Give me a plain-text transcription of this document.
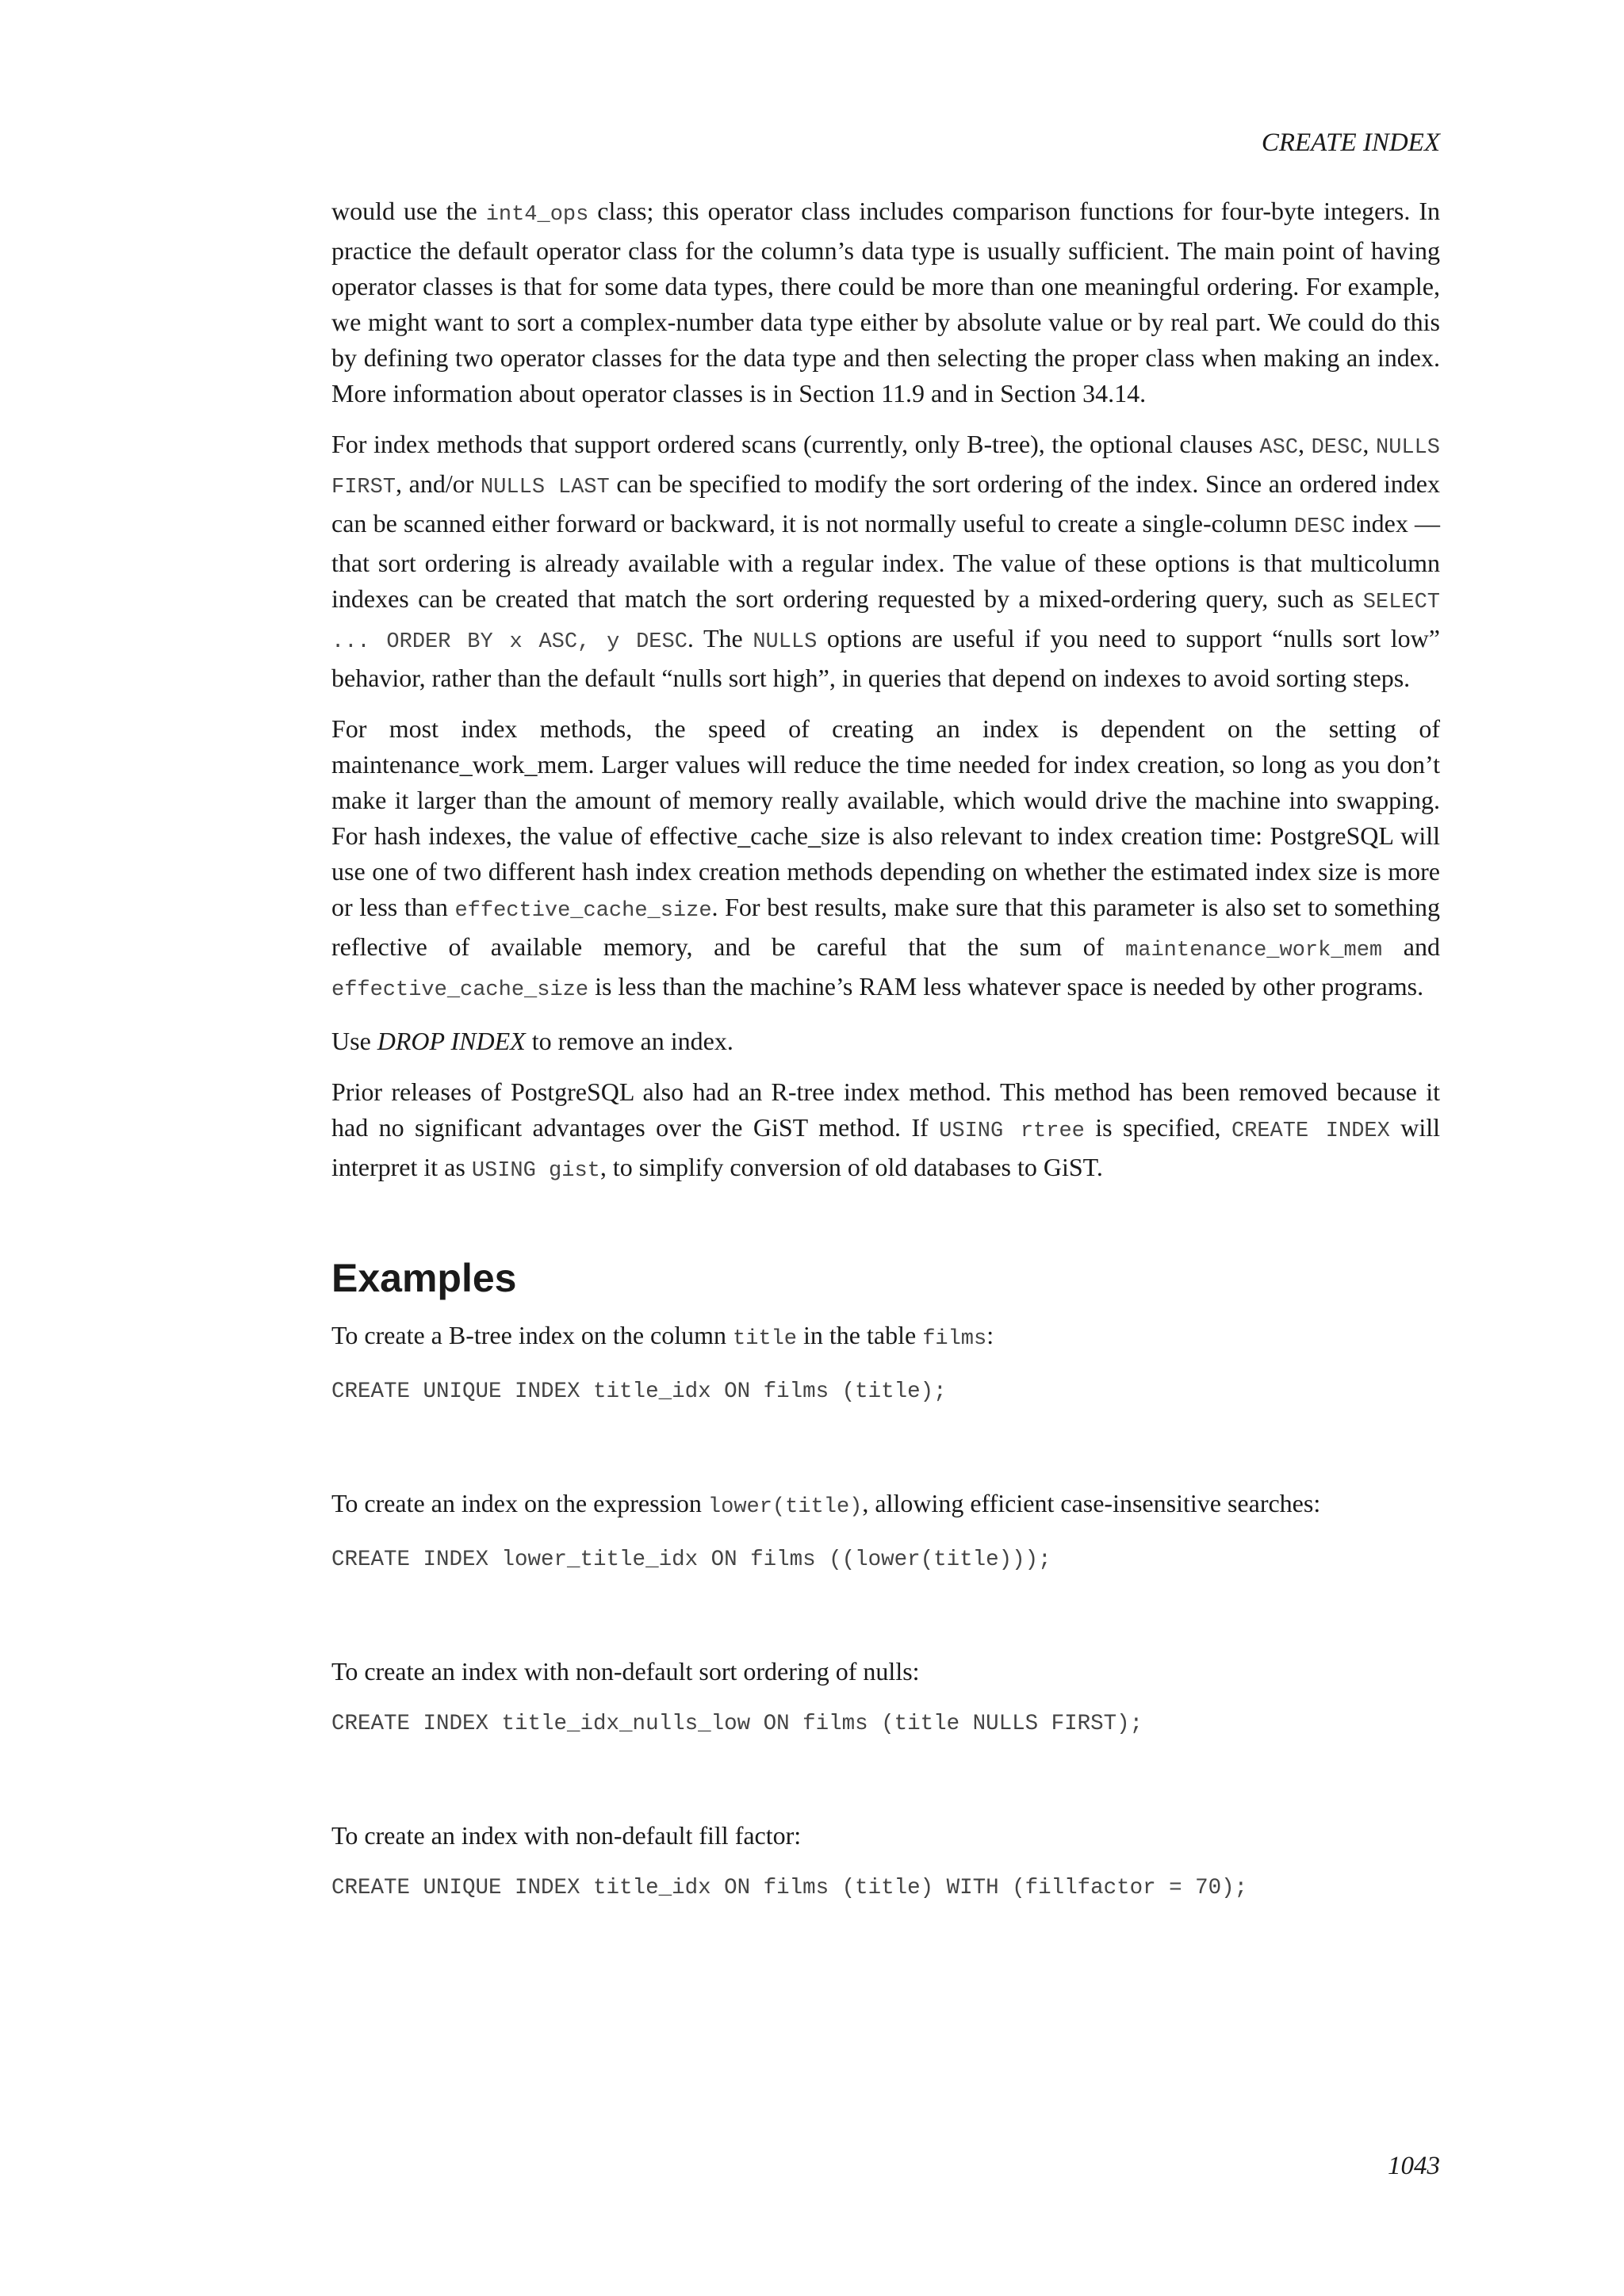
CREATE INDEX

would use the int4_ops class; this operator class includes comparison functions for four-byte integers. In practice the default operator class for the column’s data type is usually sufficient. The main point of having operator classes is that for some data types, there could be more than one meaningful ordering. For example, we might want to sort a complex-number data type either by absolute value or by real part. We could do this by defining two operator classes for the data type and then selecting the proper class when making an index. More information about operator classes is in Section 11.9 and in Section 34.14.

For index methods that support ordered scans (currently, only B-tree), the optional clauses ASC, DESC, NULLS FIRST, and/or NULLS LAST can be specified to modify the sort ordering of the index. Since an ordered index can be scanned either forward or backward, it is not normally useful to create a single-column DESC index — that sort ordering is already available with a regular index. The value of these options is that multicolumn indexes can be created that match the sort ordering requested by a mixed-ordering query, such as SELECT ... ORDER BY x ASC, y DESC. The NULLS options are useful if you need to support “nulls sort low” behavior, rather than the default “nulls sort high”, in queries that depend on indexes to avoid sorting steps.

For most index methods, the speed of creating an index is dependent on the setting of maintenance_work_mem. Larger values will reduce the time needed for index creation, so long as you don’t make it larger than the amount of memory really available, which would drive the machine into swapping. For hash indexes, the value of effective_cache_size is also relevant to index creation time: PostgreSQL will use one of two different hash index creation methods depending on whether the estimated index size is more or less than effective_cache_size. For best results, make sure that this parameter is also set to something reflective of available memory, and be careful that the sum of maintenance_work_mem and effective_cache_size is less than the machine’s RAM less whatever space is needed by other programs.

Use DROP INDEX to remove an index.

Prior releases of PostgreSQL also had an R-tree index method. This method has been removed because it had no significant advantages over the GiST method. If USING rtree is specified, CREATE INDEX will interpret it as USING gist, to simplify conversion of old databases to GiST.

Examples

To create a B-tree index on the column title in the table films:

CREATE UNIQUE INDEX title_idx ON films (title);

To create an index on the expression lower(title), allowing efficient case-insensitive searches:

CREATE INDEX lower_title_idx ON films ((lower(title)));

To create an index with non-default sort ordering of nulls:

CREATE INDEX title_idx_nulls_low ON films (title NULLS FIRST);

To create an index with non-default fill factor:

CREATE UNIQUE INDEX title_idx ON films (title) WITH (fillfactor = 70);
1043
